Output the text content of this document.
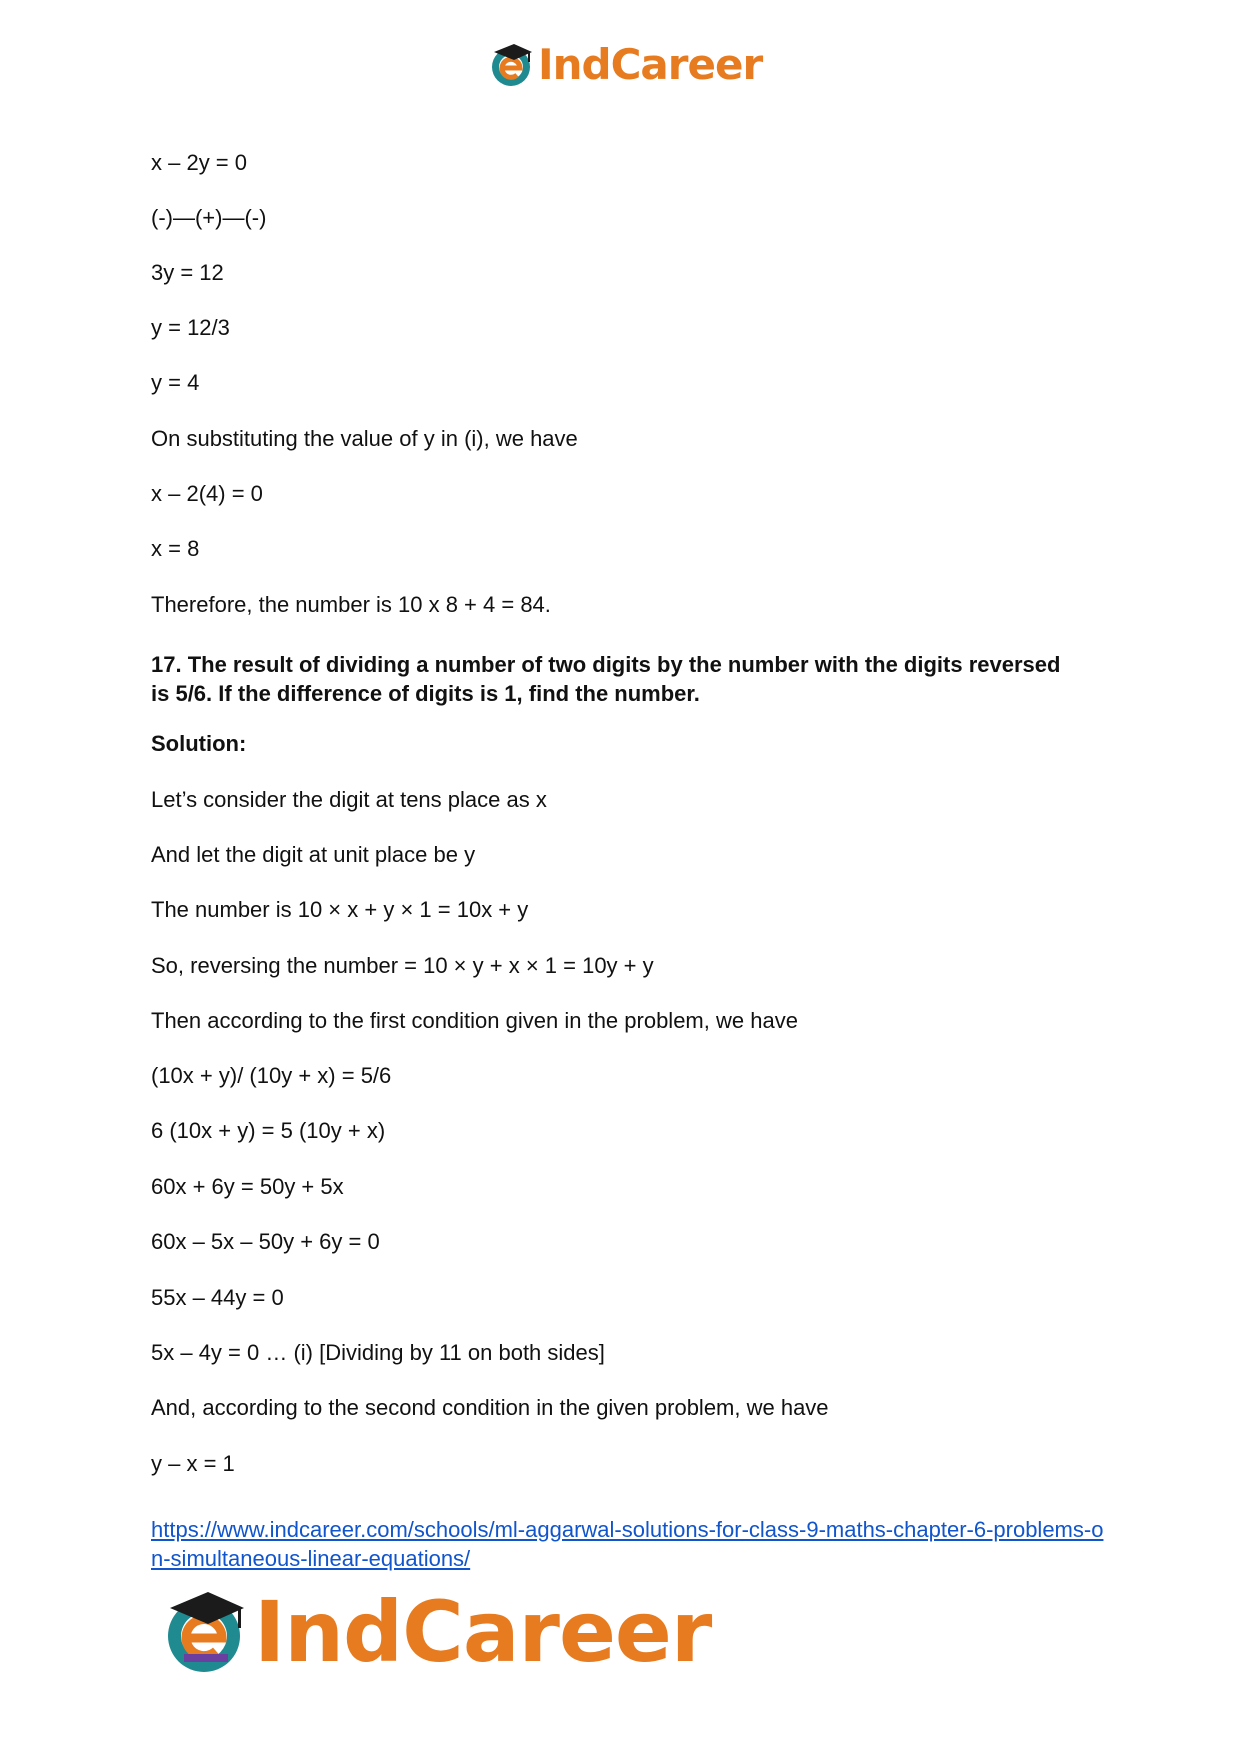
IndCareer
x – 2y = 0
(-)—(+)—(-)
3y = 12
y = 12/3
y = 4
On substituting the value of y in (i), we have
x – 2(4) = 0
x = 8
Therefore, the number is 10 x 8 + 4 = 84.
17. The result of dividing a number of two digits by the number with the digits reversed is 5/6. If the difference of digits is 1, find the number.
Solution:
Let’s consider the digit at tens place as x
And let the digit at unit place be y
The number is 10 × x + y × 1 = 10x + y
So, reversing the number = 10 × y + x × 1 = 10y + y
Then according to the first condition given in the problem, we have
(10x + y)/ (10y + x) = 5/6
6 (10x + y) = 5 (10y + x)
60x + 6y = 50y + 5x
60x – 5x – 50y + 6y = 0
55x – 44y = 0
5x – 4y = 0 … (i) [Dividing by 11 on both sides]
And, according to the second condition in the given problem, we have
y – x = 1
https://www.indcareer.com/schools/ml-aggarwal-solutions-for-class-9-maths-chapter-6-problems-on-simultaneous-linear-equations/
IndCareer
